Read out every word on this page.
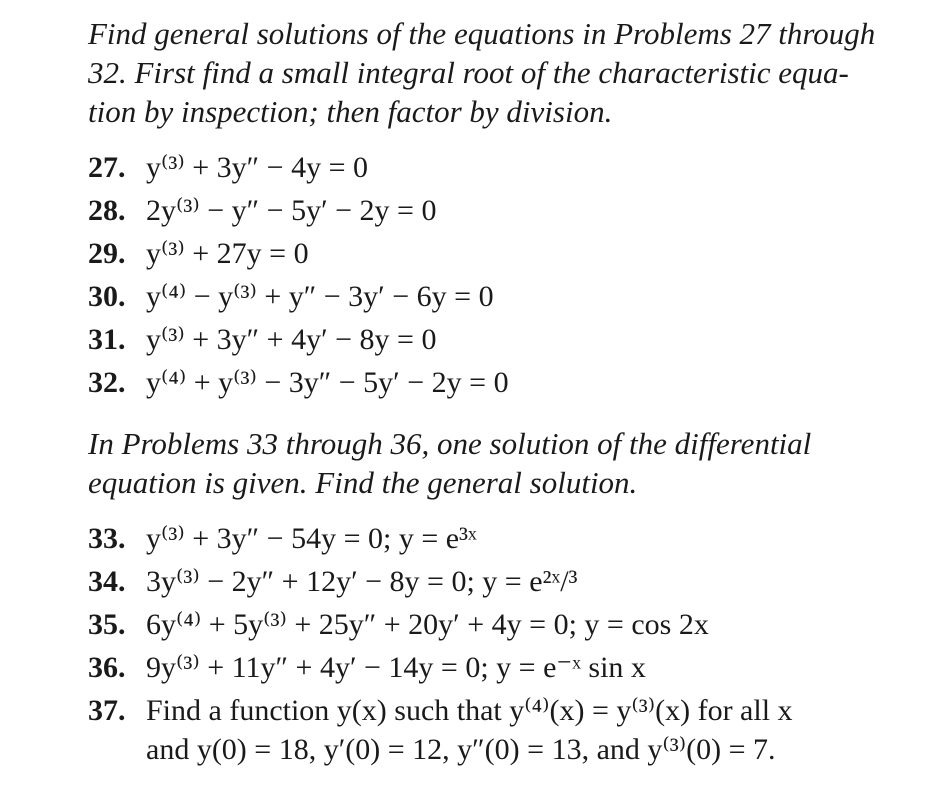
Find general solutions of the equations in Problems 27 through
32. First find a small integral root of the characteristic equa-
tion by inspection; then factor by division.
27. y⁽³⁾ + 3y″ − 4y = 0
28. 2y⁽³⁾ − y″ − 5y′ − 2y = 0
29. y⁽³⁾ + 27y = 0
30. y⁽⁴⁾ − y⁽³⁾ + y″ − 3y′ − 6y = 0
31. y⁽³⁾ + 3y″ + 4y′ − 8y = 0
32. y⁽⁴⁾ + y⁽³⁾ − 3y″ − 5y′ − 2y = 0
In Problems 33 through 36, one solution of the differential
equation is given. Find the general solution.
33. y⁽³⁾ + 3y″ − 54y = 0; y = e³ˣ
34. 3y⁽³⁾ − 2y″ + 12y′ − 8y = 0; y = e²ˣ/³
35. 6y⁽⁴⁾ + 5y⁽³⁾ + 25y″ + 20y′ + 4y = 0; y = cos 2x
36. 9y⁽³⁾ + 11y″ + 4y′ − 14y = 0; y = e⁻ˣ sin x
37. Find a function y(x) such that y⁽⁴⁾(x) = y⁽³⁾(x) for all x
and y(0) = 18, y′(0) = 12, y″(0) = 13, and y⁽³⁾(0) = 7.
